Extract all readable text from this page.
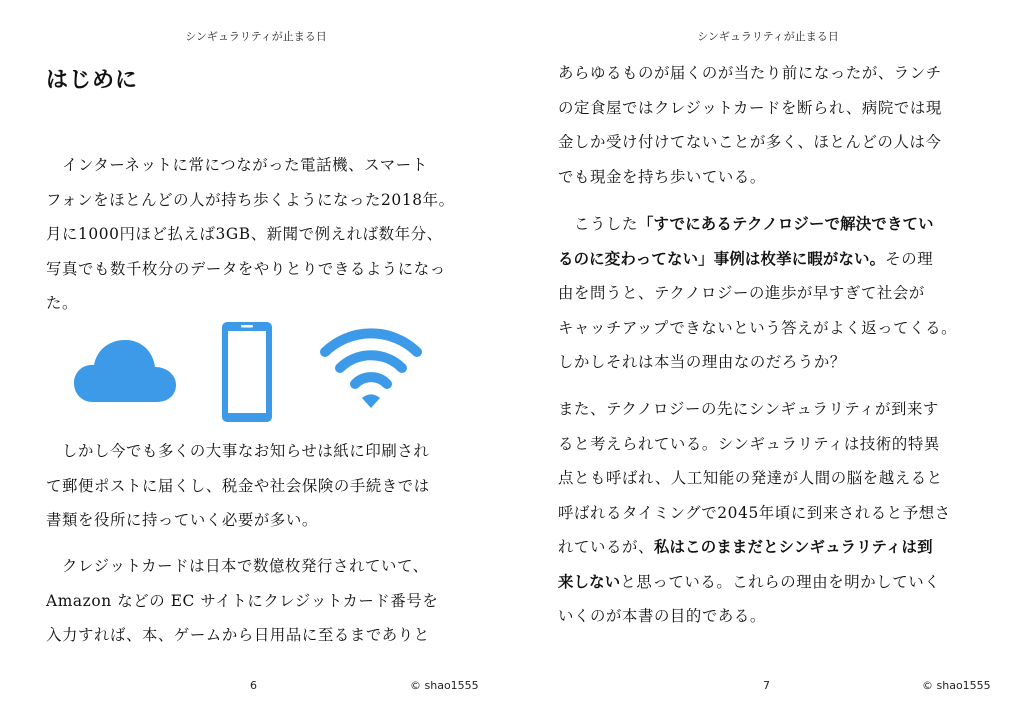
シンギュラリティが止まる日
はじめに

インターネットに常につながった電話機、スマート
フォンをほとんどの人が持ち歩くようになった2018年。
月に1000円ほど払えば3GB、新聞で例えれば数年分、
写真でも数千枚分のデータをやりとりできるようになっ
た。

しかし今でも多くの大事なお知らせは紙に印刷され
て郵便ポストに届くし、税金や社会保険の手続きでは
書類を役所に持っていく必要が多い。

クレジットカードは日本で数億枚発行されていて、
Amazon などの EC サイトにクレジットカード番号を
入力すれば、本、ゲームから日用品に至るまでありと

6	© shao1555
シンギュラリティが止まる日

あらゆるものが届くのが当たり前になったが、ランチ
の定食屋ではクレジットカードを断られ、病院では現
金しか受け付けてないことが多く、ほとんどの人は今
でも現金を持ち歩いている。

こうした「すでにあるテクノロジーで解決できてい
るのに変わってない」事例は枚挙に暇がない。その理
由を問うと、テクノロジーの進歩が早すぎて社会が
キャッチアップできないという答えがよく返ってくる。
しかしそれは本当の理由なのだろうか？

また、テクノロジーの先にシンギュラリティが到来す
ると考えられている。シンギュラリティは技術的特異
点とも呼ばれ、人工知能の発達が人間の脳を越えると
呼ばれるタイミングで2045年頃に到来されると予想さ
れているが、私はこのままだとシンギュラリティは到
来しないと思っている。これらの理由を明かしていく
いくのが本書の目的である。

7	© shao1555
